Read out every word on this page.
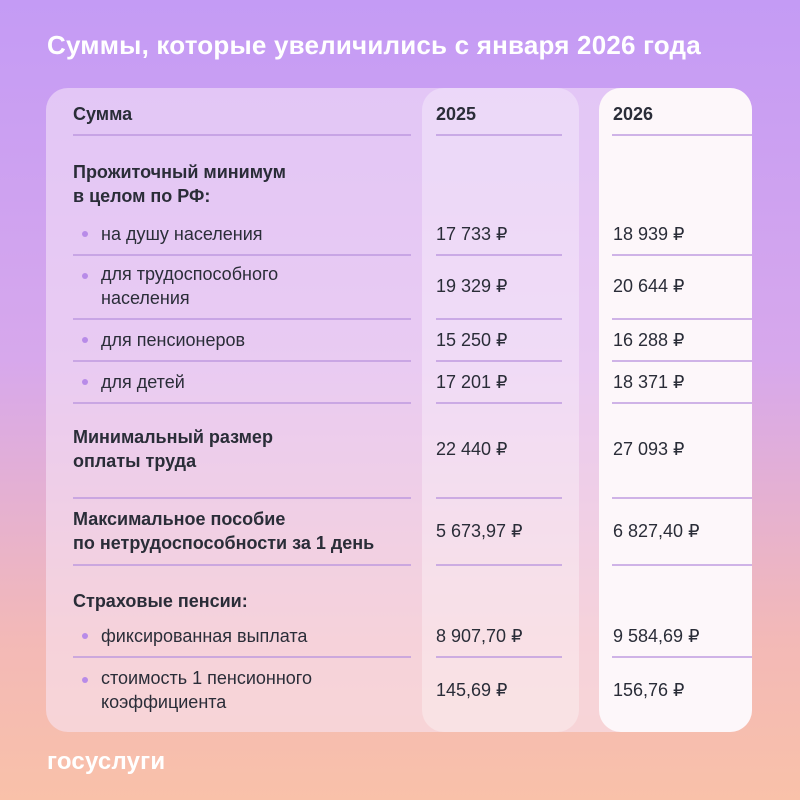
Суммы, которые увеличились с января 2026 года
Сумма	2025	2026
Прожиточный минимум
в целом по РФ:
на душу населения	17 733 ₽	18 939 ₽
для трудоспособного
населения
19 329 ₽	20 644 ₽
для пенсионеров	15 250 ₽	16 288 ₽
для детей	17 201 ₽	18 371 ₽
Минимальный размер
оплаты труда
22 440 ₽	27 093 ₽
Максимальное пособие
по нетрудоспособности за 1 день
5 673,97 ₽	6 827,40 ₽
Страховые пенсии:
фиксированная выплата	8 907,70 ₽	9 584,69 ₽
стоимость 1 пенсионного
коэффициента
145,69 ₽	156,76 ₽
госуслуги
